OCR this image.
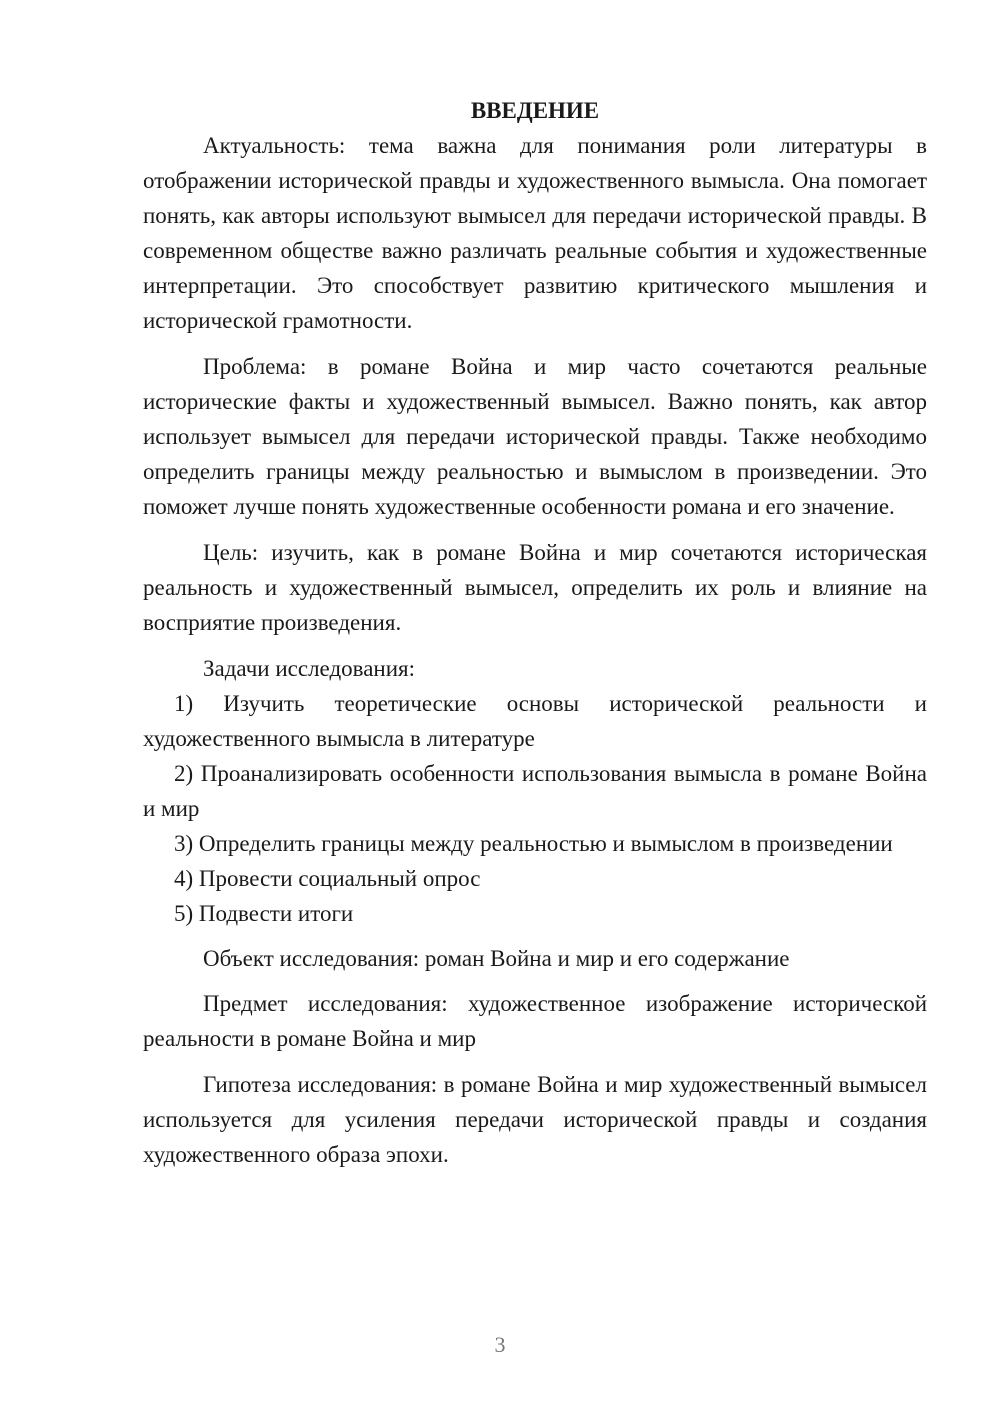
ВВЕДЕНИЕ

Актуальность: тема важна для понимания роли литературы в отображении исторической правды и художественного вымысла. Она помогает понять, как авторы используют вымысел для передачи исторической правды. В современном обществе важно различать реальные события и художественные интерпретации. Это способствует развитию критического мышления и исторической грамотности.

Проблема: в романе Война и мир часто сочетаются реальные исторические факты и художественный вымысел. Важно понять, как автор использует вымысел для передачи исторической правды. Также необходимо определить границы между реальностью и вымыслом в произведении. Это поможет лучше понять художественные особенности романа и его значение.

Цель: изучить, как в романе Война и мир сочетаются историческая реальность и художественный вымысел, определить их роль и влияние на восприятие произведения.

Задачи исследования:

1) Изучить теоретические основы исторической реальности и художественного вымысла в литературе

2) Проанализировать особенности использования вымысла в романе Война и мир

3) Определить границы между реальностью и вымыслом в произведении

4) Провести социальный опрос

5) Подвести итоги

Объект исследования: роман Война и мир и его содержание

Предмет исследования: художественное изображение исторической реальности в романе Война и мир

Гипотеза исследования: в романе Война и мир художественный вымысел используется для усиления передачи исторической правды и создания художественного образа эпохи.

3
